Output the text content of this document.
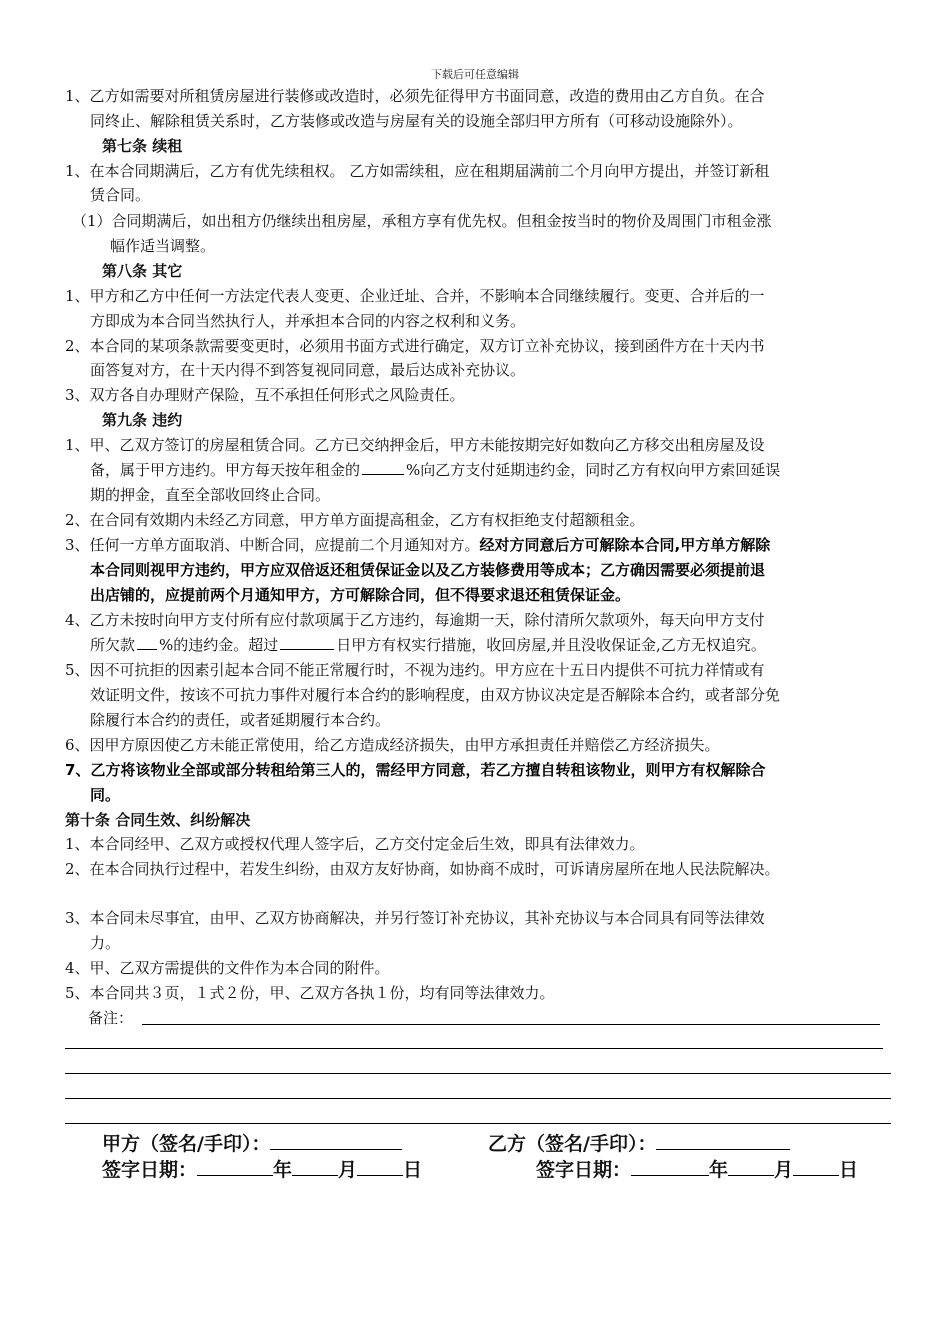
下载后可任意编辑
1、乙方如需要对所租赁房屋进行装修或改造时，必须先征得甲方书面同意，改造的费用由乙方自负。在合
同终止、解除租赁关系时，乙方装修或改造与房屋有关的设施全部归甲方所有（可移动设施除外）。
第七条 续租
1、在本合同期满后，乙方有优先续租权。 乙方如需续租，应在租期届满前二个月向甲方提出，并签订新租
赁合同。
（1）合同期满后，如出租方仍继续出租房屋，承租方享有优先权。但租金按当时的物价及周围门市租金涨
幅作适当调整。
第八条 其它
1、甲方和乙方中任何一方法定代表人变更、企业迁址、合并，不影响本合同继续履行。变更、合并后的一
方即成为本合同当然执行人，并承担本合同的内容之权利和义务。
2、本合同的某项条款需要变更时，必须用书面方式进行确定，双方订立补充协议，接到函件方在十天内书
面答复对方，在十天内得不到答复视同同意，最后达成补充协议。
3、双方各自办理财产保险，互不承担任何形式之风险责任。
第九条 违约
1、甲、乙双方签订的房屋租赁合同。乙方已交纳押金后，甲方未能按期完好如数向乙方移交出租房屋及设
备，属于甲方违约。甲方每天按年租金的	%向乙方支付延期违约金，同时乙方有权向甲方索回延误
期的押金，直至全部收回终止合同。
2、在合同有效期内未经乙方同意，甲方单方面提高租金，乙方有权拒绝支付超额租金。
3、任何一方单方面取消、中断合同，应提前二个月通知对方。经对方同意后方可解除本合同,甲方单方解除
本合同则视甲方违约，甲方应双倍返还租赁保证金以及乙方装修费用等成本；乙方确因需要必须提前退
出店铺的，应提前两个月通知甲方，方可解除合同，但不得要求退还租赁保证金。
4、乙方未按时向甲方支付所有应付款项属于乙方违约，每逾期一天，除付清所欠款项外，每天向甲方支付
所欠款 %的违约金。超过	日甲方有权实行措施，收回房屋,并且没收保证金,乙方无权追究。
5、因不可抗拒的因素引起本合同不能正常履行时，不视为违约。甲方应在十五日内提供不可抗力祥情或有
效证明文件，按该不可抗力事件对履行本合约的影响程度，由双方协议决定是否解除本合约，或者部分免
除履行本合约的责任，或者延期履行本合约。
6、因甲方原因使乙方未能正常使用，给乙方造成经济损失，由甲方承担责任并赔偿乙方经济损失。
7、乙方将该物业全部或部分转租给第三人的，需经甲方同意，若乙方擅自转租该物业，则甲方有权解除合
同。
第十条 合同生效、纠纷解决
1、本合同经甲、乙双方或授权代理人签字后，乙方交付定金后生效，即具有法律效力。
2、在本合同执行过程中，若发生纠纷，由双方友好协商，如协商不成时，可诉请房屋所在地人民法院解决。
3、本合同未尽事宜，由甲、乙双方协商解决，并另行签订补充协议，其补充协议与本合同具有同等法律效
力。
4、甲、乙双方需提供的文件作为本合同的附件。
5、本合同共３页，１式２份，甲、乙双方各执１份，均有同等法律效力。
备注：
甲方（签名/手印）：	乙方（签名/手印）：
签字日期：	年 月 日	签字日期：	年 月 日
